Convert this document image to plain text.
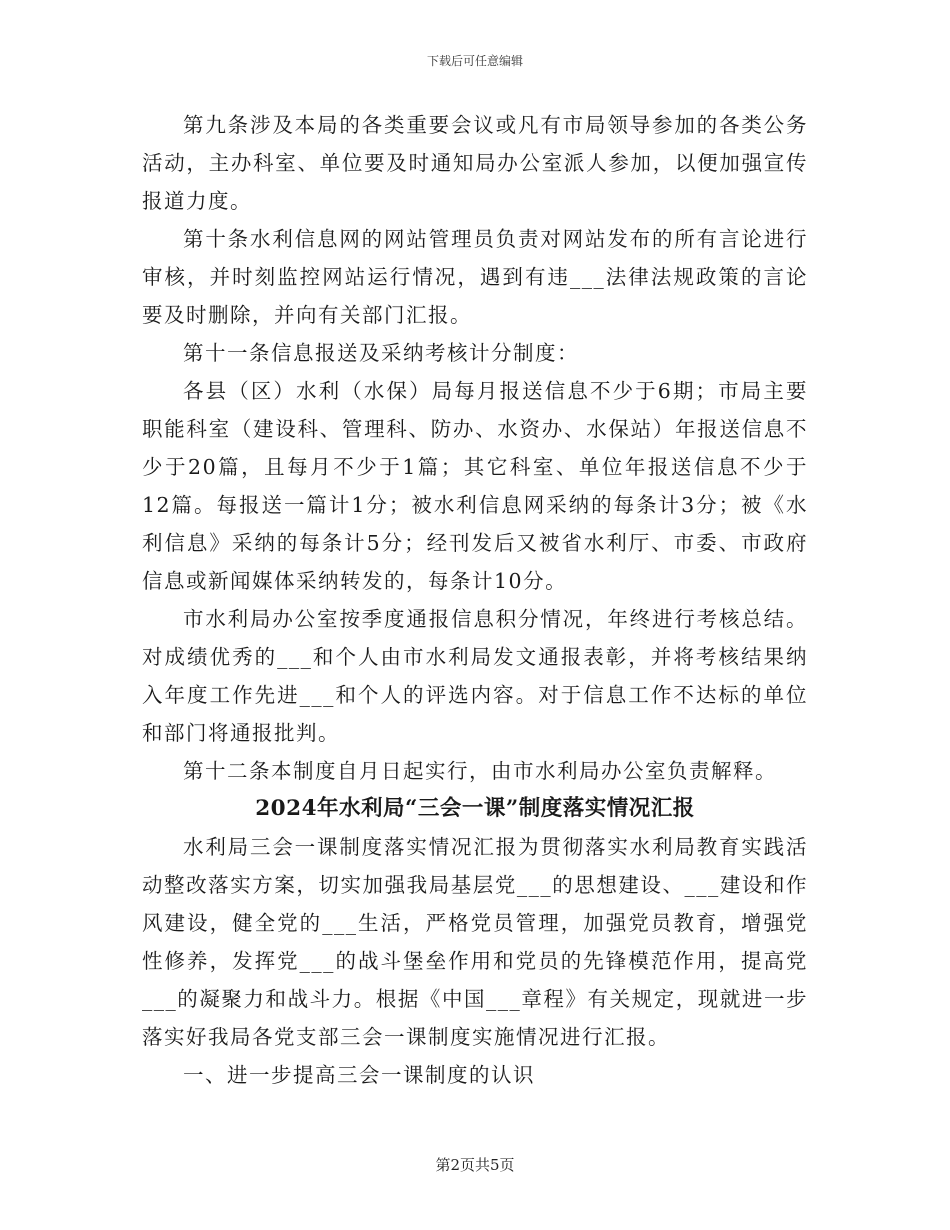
下载后可任意编辑

第九条涉及本局的各类重要会议或凡有市局领导参加的各类公务活动，主办科室、单位要及时通知局办公室派人参加，以便加强宣传报道力度。

第十条水利信息网的网站管理员负责对网站发布的所有言论进行审核，并时刻监控网站运行情况，遇到有违___法律法规政策的言论要及时删除，并向有关部门汇报。

第十一条信息报送及采纳考核计分制度：

各县（区）水利（水保）局每月报送信息不少于6期；市局主要职能科室（建设科、管理科、防办、水资办、水保站）年报送信息不少于20篇，且每月不少于1篇；其它科室、单位年报送信息不少于12篇。每报送一篇计1分；被水利信息网采纳的每条计3分；被《水利信息》采纳的每条计5分；经刊发后又被省水利厅、市委、市政府信息或新闻媒体采纳转发的，每条计10分。

市水利局办公室按季度通报信息积分情况，年终进行考核总结。对成绩优秀的___和个人由市水利局发文通报表彰，并将考核结果纳入年度工作先进___和个人的评选内容。对于信息工作不达标的单位和部门将通报批判。

第十二条本制度自月日起实行，由市水利局办公室负责解释。

2024年水利局“三会一课”制度落实情况汇报

水利局三会一课制度落实情况汇报为贯彻落实水利局教育实践活动整改落实方案，切实加强我局基层党___的思想建设、___建设和作风建设，健全党的___生活，严格党员管理，加强党员教育，增强党性修养，发挥党___的战斗堡垒作用和党员的先锋模范作用，提高党___的凝聚力和战斗力。根据《中国___章程》有关规定，现就进一步落实好我局各党支部三会一课制度实施情况进行汇报。

一、进一步提高三会一课制度的认识

第2页共5页
